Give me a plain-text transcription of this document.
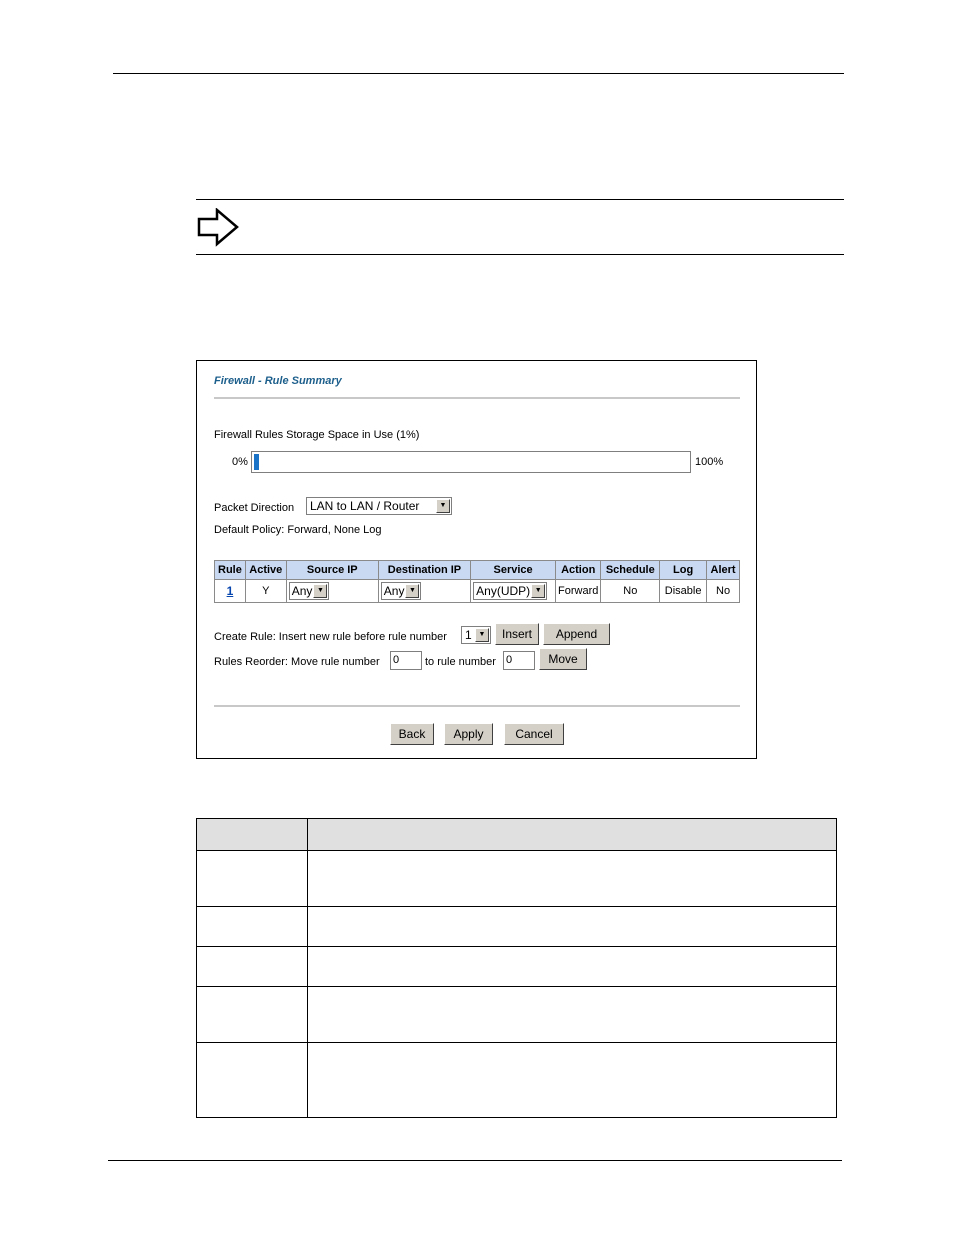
Firewall - Rule Summary
Firewall Rules Storage Space in Use (1%)
0%	100%
Packet Direction	LAN to LAN / Router	▼
Default Policy: Forward, None Log
Rule	Active	Source IP	Destination IP	Service	Action	Schedule	Log	Alert
1	Y	Any ▼	Any ▼	Any(UDP) ▼	Forward	No	Disable	No
Create Rule: Insert new rule before rule number	1 ▼	Insert	Append
Rules Reorder: Move rule number 0	to rule number 0	Move
Back	Apply	Cancel
